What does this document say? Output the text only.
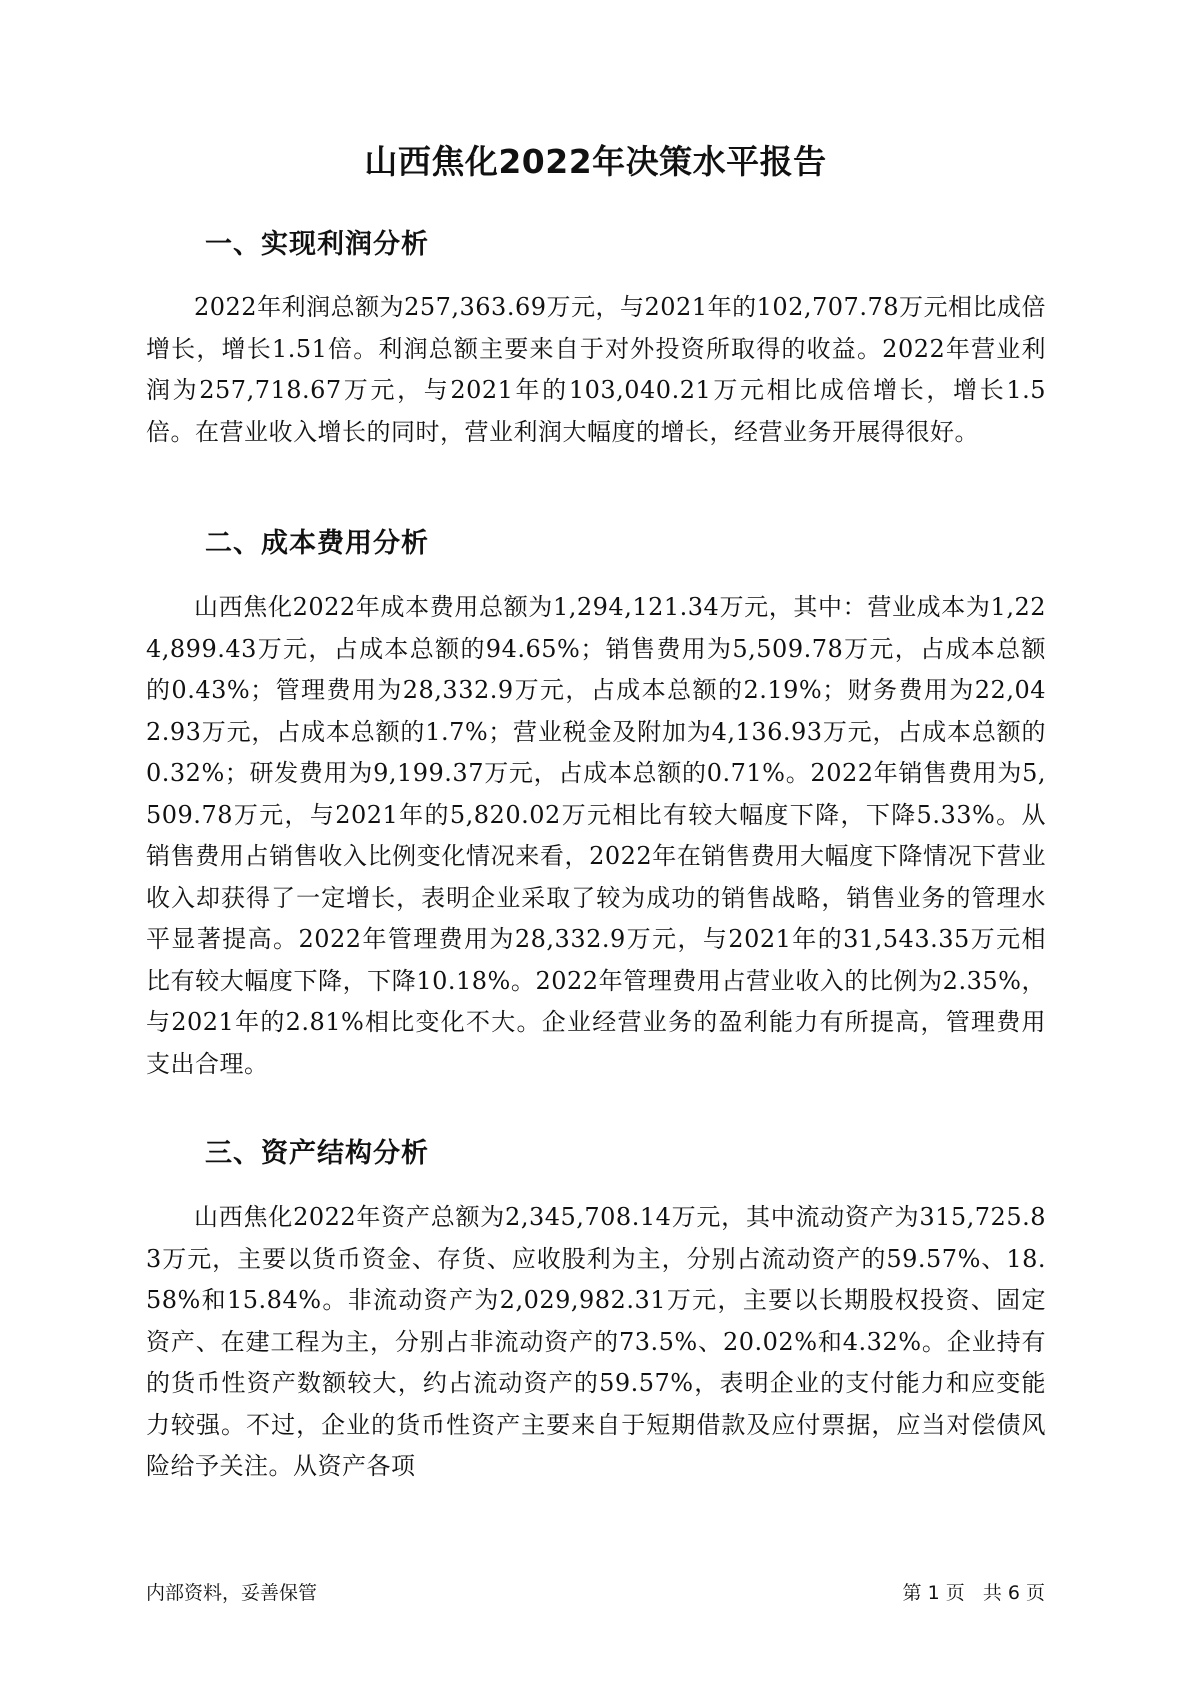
山西焦化2022年决策水平报告
一、实现利润分析

2022年利润总额为257,363.69万元，与2021年的102,707.78万元相比成倍增长，增长1.51倍。利润总额主要来自于对外投资所取得的收益。2022年营业利润为257,718.67万元，与2021年的103,040.21万元相比成倍增长，增长1.5倍。在营业收入增长的同时，营业利润大幅度的增长，经营业务开展得很好。

二、成本费用分析

山西焦化2022年成本费用总额为1,294,121.34万元，其中：营业成本为1,224,899.43万元，占成本总额的94.65%；销售费用为5,509.78万元，占成本总额的0.43%；管理费用为28,332.9万元，占成本总额的2.19%；财务费用为22,042.93万元，占成本总额的1.7%；营业税金及附加为4,136.93万元，占成本总额的0.32%；研发费用为9,199.37万元，占成本总额的0.71%。2022年销售费用为5,509.78万元，与2021年的5,820.02万元相比有较大幅度下降，下降5.33%。从销售费用占销售收入比例变化情况来看，2022年在销售费用大幅度下降情况下营业收入却获得了一定增长，表明企业采取了较为成功的销售战略，销售业务的管理水平显著提高。2022年管理费用为28,332.9万元，与2021年的31,543.35万元相比有较大幅度下降，下降10.18%。2022年管理费用占营业收入的比例为2.35%，与2021年的2.81%相比变化不大。企业经营业务的盈利能力有所提高，管理费用支出合理。

三、资产结构分析

山西焦化2022年资产总额为2,345,708.14万元，其中流动资产为315,725.83万元，主要以货币资金、存货、应收股利为主，分别占流动资产的59.57%、18.58%和15.84%。非流动资产为2,029,982.31万元，主要以长期股权投资、固定资产、在建工程为主，分别占非流动资产的73.5%、20.02%和4.32%。企业持有的货币性资产数额较大，约占流动资产的59.57%，表明企业的支付能力和应变能力较强。不过，企业的货币性资产主要来自于短期借款及应付票据，应当对偿债风险给予关注。从资产各项

内部资料，妥善保管	第 1 页   共 6 页
